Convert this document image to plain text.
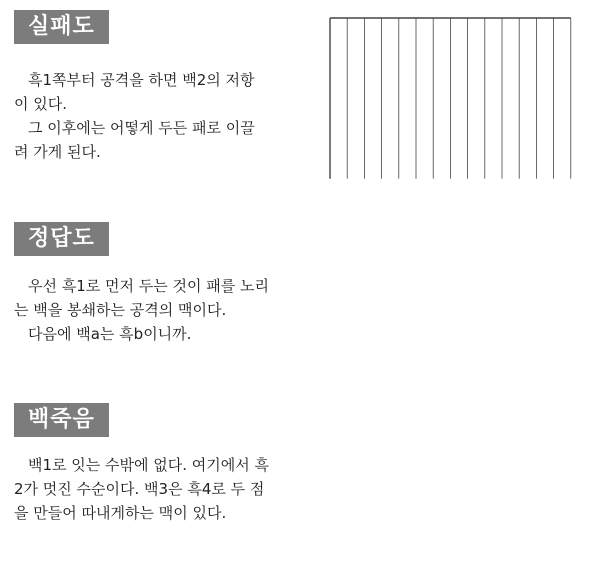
실패도

흑1쪽부터 공격을 하면 백2의 저항

이 있다.

그 이후에는 어떻게 두든 패로 이끌

려 가게 된다.

정답도

우선 흑1로 먼저 두는 것이 패를 노리

는 백을 봉쇄하는 공격의 맥이다.

다음에 백a는 흑b이니까.

백죽음

백1로 잇는 수밖에 없다. 여기에서 흑

2가 멋진 수순이다. 백3은 흑4로 두 점

을 만들어 따내게하는 맥이 있다.
